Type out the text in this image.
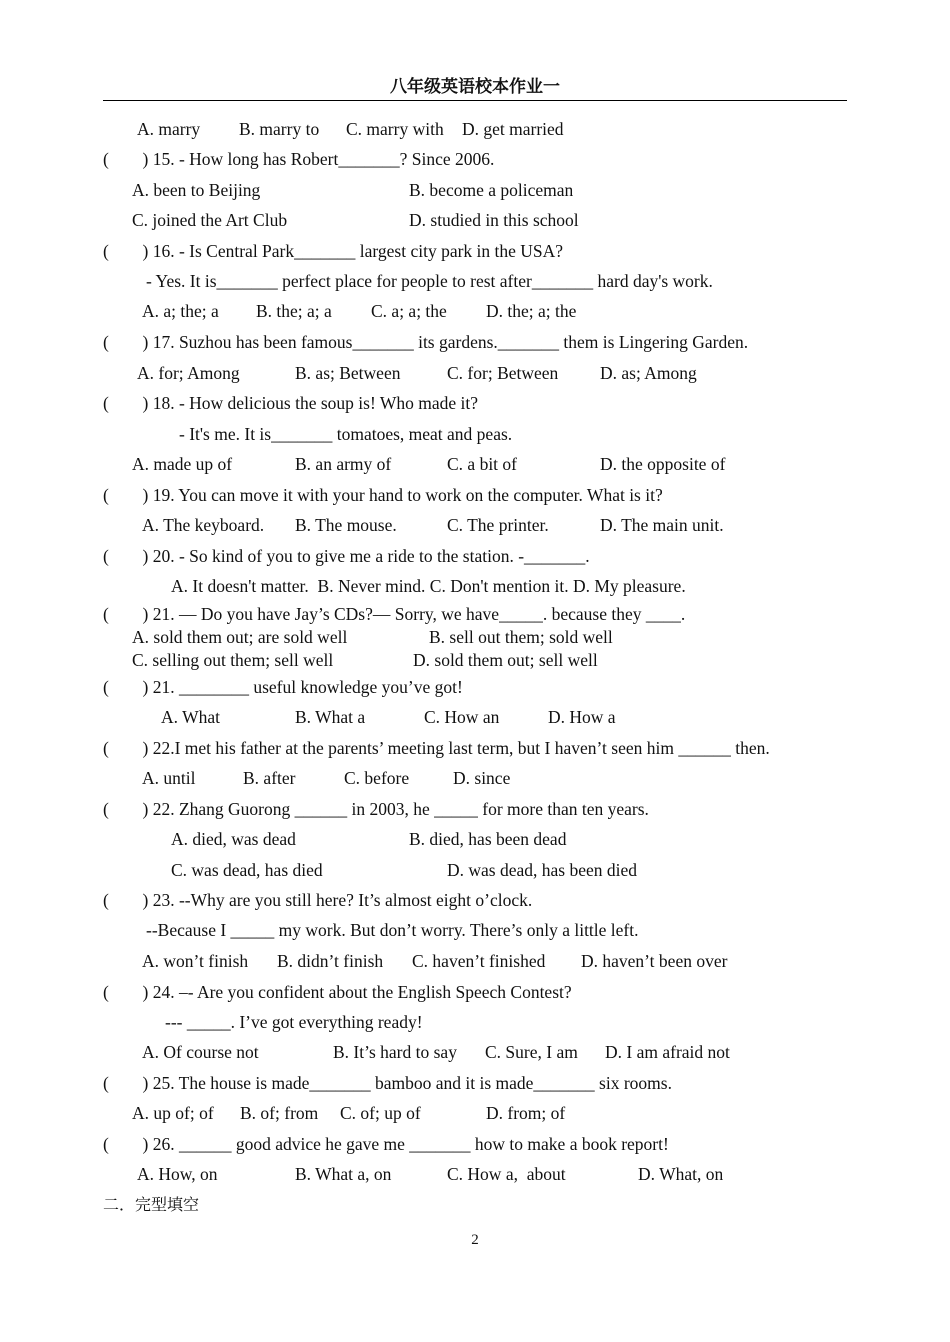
八年级英语校本作业一
A. marry B. marry to C. marry with D. get married
( ) 15. - How long has Robert_______? Since 2006.
A. been to Beijing	B. become a policeman
C. joined the Art Club	D. studied in this school
( ) 16. - Is Central Park_______ largest city park in the USA?
- Yes. It is_______ perfect place for people to rest after_______ hard day's work.
A. a; the; a B. the; a; a C. a; a; the D. the; a; the
( ) 17. Suzhou has been famous_______ its gardens._______ them is Lingering Garden.
A. for; Among	B. as; Between	C. for; Between D. as; Among
( ) 18. - How delicious the soup is! Who made it?
- It's me. It is_______ tomatoes, meat and peas.
A. made up of	B. an army of	C. a bit of	D. the opposite of
( ) 19. You can move it with your hand to work on the computer. What is it?
A. The keyboard. B. The mouse.	C. The printer.	D. The main unit.
( ) 20. - So kind of you to give me a ride to the station. -_______.
A. It doesn't matter.  B. Never mind. C. Don't mention it. D. My pleasure.
( ) 21. — Do you have Jay’s CDs?— Sorry, we have_____. because they ____.
A. sold them out; are sold well	B. sell out them; sold well
C. selling out them; sell well	D. sold them out; sell well
( ) 21. ________ useful knowledge you’ve got!
A. What	B. What a	C. How an	D. How a
( ) 22.I met his father at the parents’ meeting last term, but I haven’t seen him ______ then.
A. until	B. after	C. before	D. since
( ) 22. Zhang Guorong ______ in 2003, he _____ for more than ten years.
A. died, was dead	B. died, has been dead
C. was dead, has died	D. was dead, has been died
( ) 23. --Why are you still here? It’s almost eight o’clock.
--Because I _____ my work. But don’t worry. There’s only a little left.
A. won’t finish B. didn’t finish C. haven’t finished D. haven’t been over
( ) 24. –- Are you confident about the English Speech Contest?
--- _____. I’ve got everything ready!
A. Of course not	B. It’s hard to say C. Sure, I am D. I am afraid not
( ) 25. The house is made_______ bamboo and it is made_______ six rooms.
A. up of; of B. of; from C. of; up of	D. from; of
( ) 26. ______ good advice he gave me _______ how to make a book report!
A. How, on	B. What a, on	C. How a,  about	D. What, on
二．完型填空
2
